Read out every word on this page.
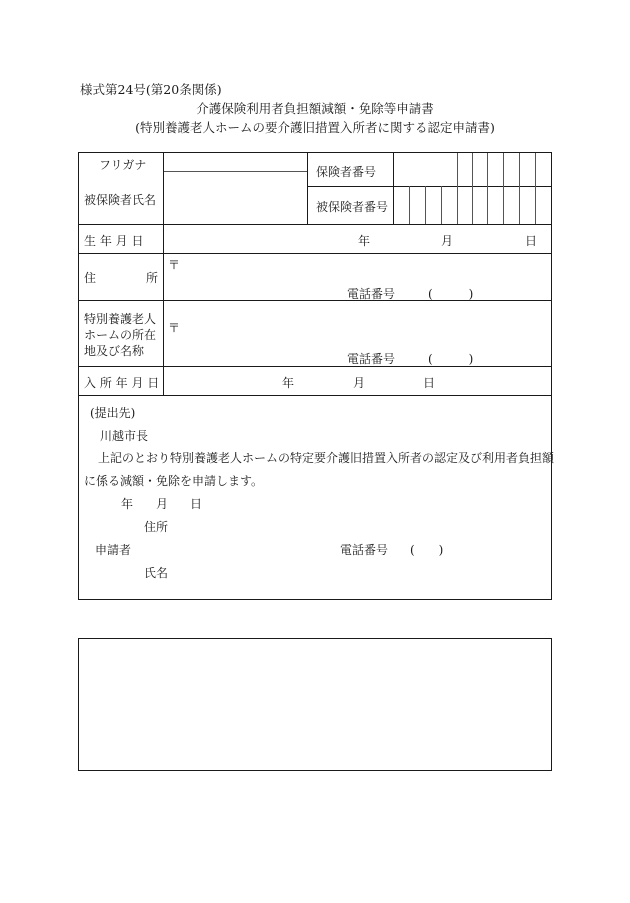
様式第24号(第20条関係)
介護保険利用者負担額減額・免除等申請書
(特別養護老人ホームの要介護旧措置入所者に関する認定申請書)
フリガナ
被保険者氏名
保険者番号
被保険者番号
生 年 月 日	年	月	日
住	所
〒
電話番号	(　　　)
特別養護老人
ホームの所在
地及び名称
〒
電話番号	(　　　)
入 所 年 月 日	年	月	日
(提出先)
川越市長
上記のとおり特別養護老人ホームの特定要介護旧措置入所者の認定及び利用者負担額
に係る減額・免除を申請します。
年 月 日
住所
申請者	電話番号 (　　)
氏名
